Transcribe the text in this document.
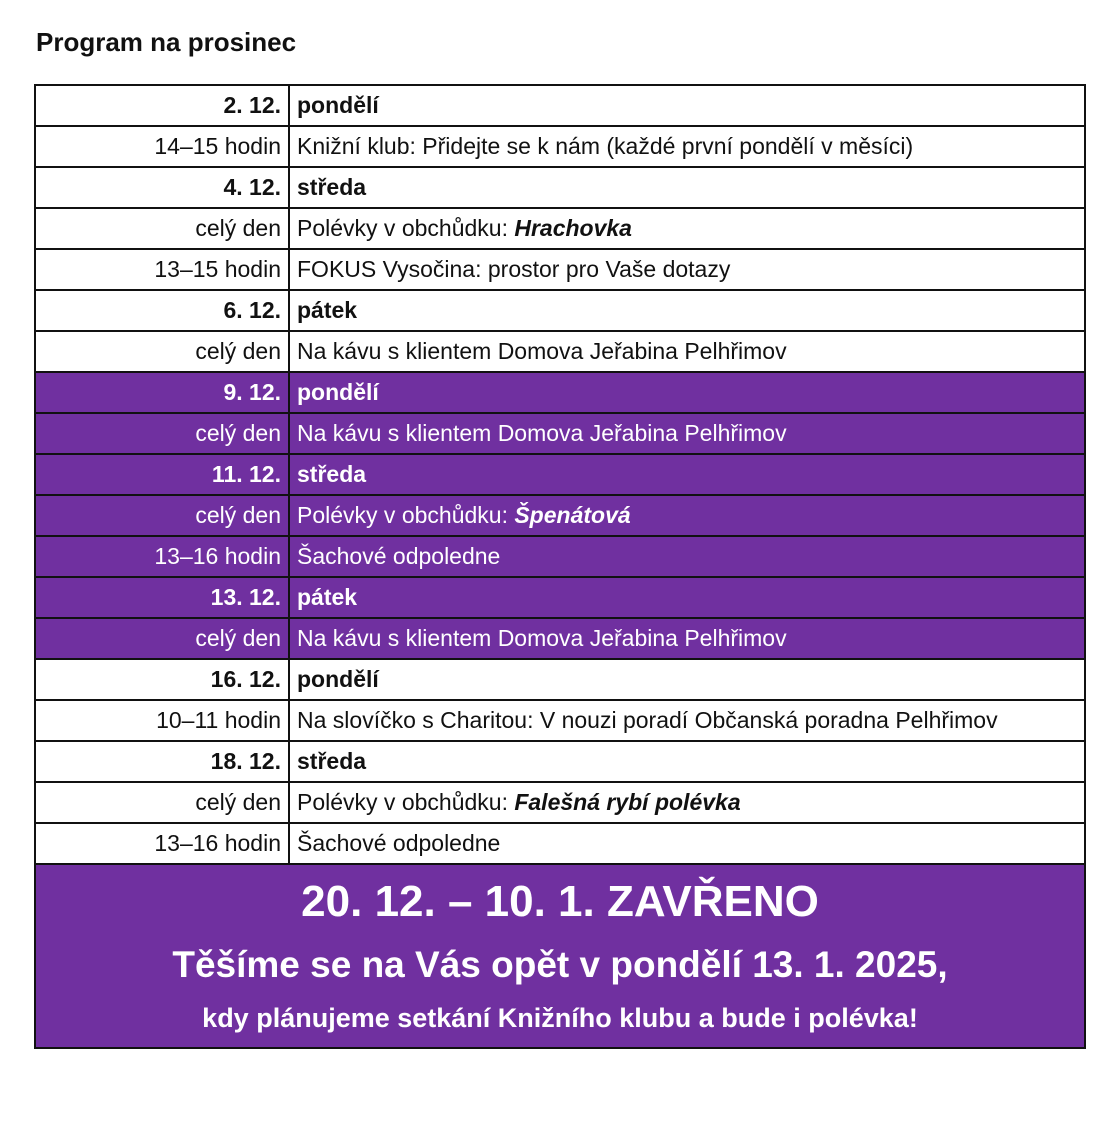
Program na prosinec
2. 12.	pondělí
14–15 hodin	Knižní klub: Přidejte se k nám (každé první pondělí v měsíci)
4. 12.	středa
celý den	Polévky v obchůdku: Hrachovka
13–15 hodin	FOKUS Vysočina: prostor pro Vaše dotazy
6. 12.	pátek
celý den	Na kávu s klientem Domova Jeřabina Pelhřimov
9. 12.	pondělí
celý den	Na kávu s klientem Domova Jeřabina Pelhřimov
11. 12.	středa
celý den	Polévky v obchůdku: Špenátová
13–16 hodin	Šachové odpoledne
13. 12.	pátek
celý den	Na kávu s klientem Domova Jeřabina Pelhřimov
16. 12.	pondělí
10–11 hodin	Na slovíčko s Charitou: V nouzi poradí Občanská poradna Pelhřimov
18. 12.	středa
celý den	Polévky v obchůdku: Falešná rybí polévka
13–16 hodin	Šachové odpoledne

20. 12. – 10. 1. ZAVŘENO
Těšíme se na Vás opět v pondělí 13. 1. 2025,
kdy plánujeme setkání Knižního klubu a bude i polévka!	
